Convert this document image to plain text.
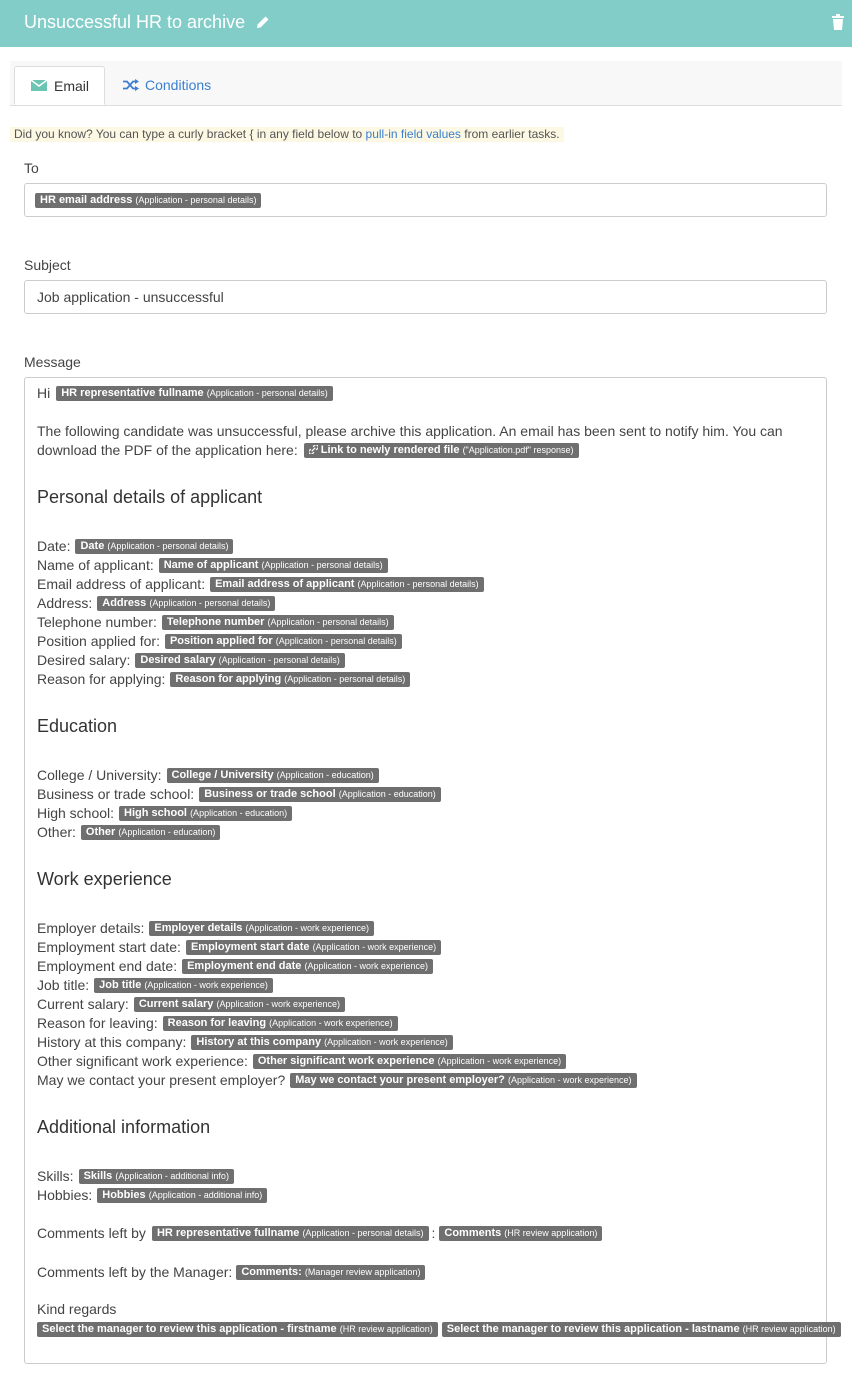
Unsuccessful HR to archive
Email	Conditions
Did you know? You can type a curly bracket { in any field below to pull-in field values from earlier tasks.
To
HR email address (Application - personal details)
Subject
Job application - unsuccessful
Message
Hi	HR representative fullname (Application - personal details)
The following candidate was unsuccessful, please archive this application. An email has been sent to notify him. You can
download the PDF of the application here:	Link to newly rendered file ("Application.pdf" response)
Personal details of applicant
Date: Date (Application - personal details)
Name of applicant: Name of applicant (Application - personal details)
Email address of applicant: Email address of applicant (Application - personal details)
Address: Address (Application - personal details)
Telephone number: Telephone number (Application - personal details)
Position applied for: Position applied for (Application - personal details)
Desired salary: Desired salary (Application - personal details)
Reason for applying: Reason for applying (Application - personal details)
Education
College / University: College / University (Application - education)
Business or trade school: Business or trade school (Application - education)
High school: High school (Application - education)
Other: Other (Application - education)
Work experience
Employer details: Employer details (Application - work experience)
Employment start date: Employment start date (Application - work experience)
Employment end date: Employment end date (Application - work experience)
Job title: Job title (Application - work experience)
Current salary: Current salary (Application - work experience)
Reason for leaving: Reason for leaving (Application - work experience)
History at this company: History at this company (Application - work experience)
Other significant work experience: Other significant work experience (Application - work experience)
May we contact your present employer? May we contact your present employer? (Application - work experience)
Additional information
Skills: Skills (Application - additional info)
Hobbies: Hobbies (Application - additional info)
Comments left by	HR representative fullname (Application - personal details) : Comments (HR review application)
Comments left by the Manager: Comments: (Manager review application)
Kind regards
Select the manager to review this application - firstname (HR review application)	Select the manager to review this application - lastname (HR review application)
